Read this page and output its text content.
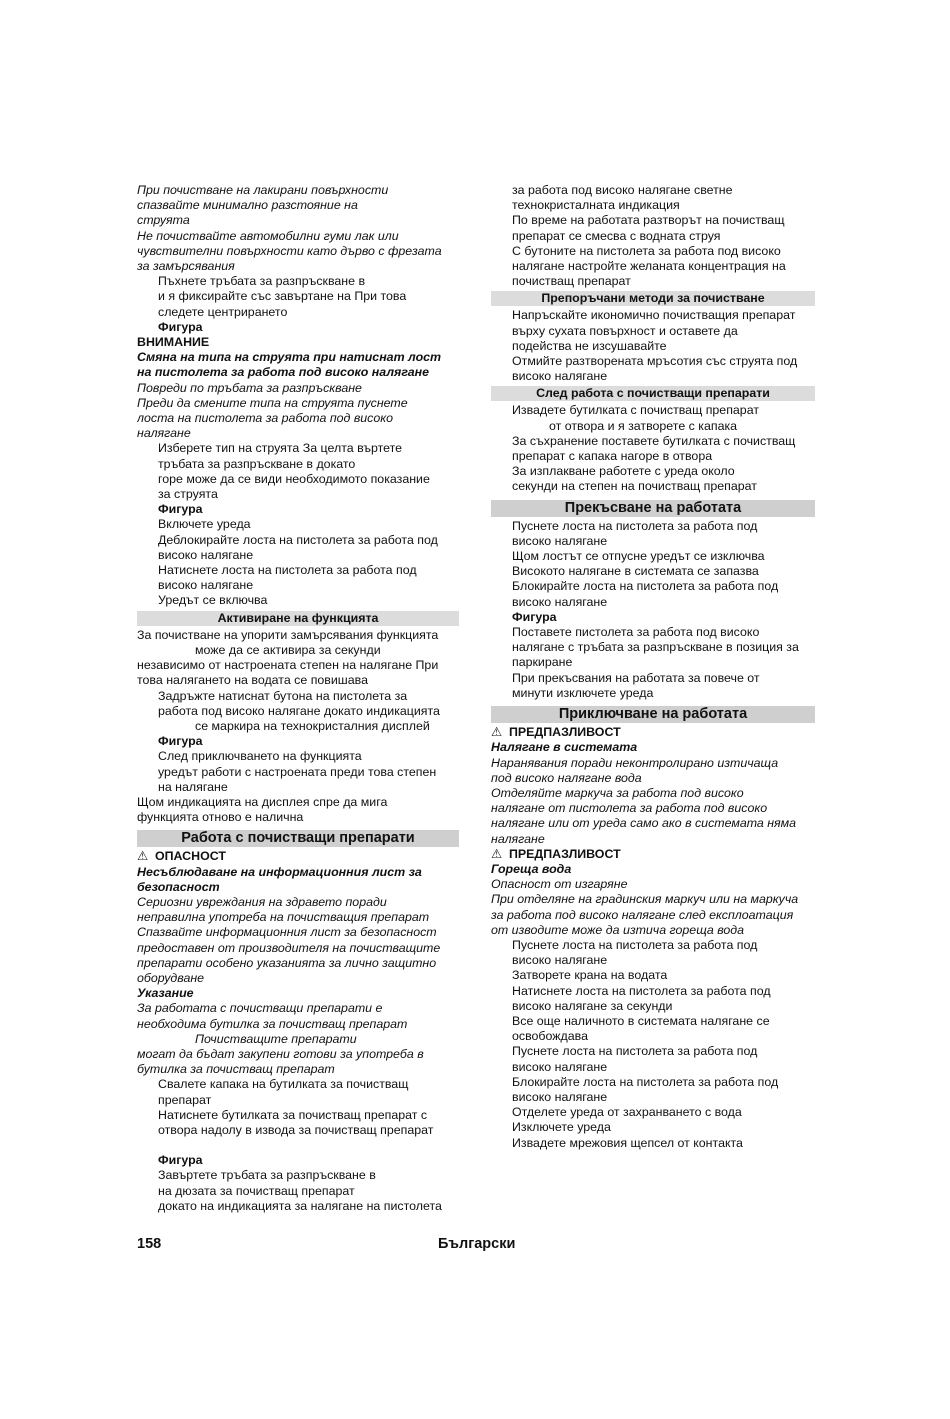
При почистване на лакирани повърхности
спазвайте минимално разстояние на
струята
Не почиствайте автомобилни гуми лак или
чувствителни повърхности като дърво с фрезата
за замърсявания
Пъхнете тръбата за разпръскване в
и я фиксирайте със завъртане на При това
следете центрирането
Фигура
ВНИМАНИЕ
Смяна на типа на струята при натиснат лост
на пистолета за работа под високо налягане
Повреди по тръбата за разпръскване
Преди да смените типа на струята пуснете
лоста на пистолета за работа под високо
налягане
Изберете тип на струята За целта въртете
тръбата за разпръскване в докато
горе може да се види необходимото показание
за струята
Фигура
Включете уреда
Деблокирайте лоста на пистолета за работа под
високо налягане
Натиснете лоста на пистолета за работа под
високо налягане
Уредът се включва
Активиране на функцията
За почистване на упорити замърсявания функцията
може да се активира за секунди
независимо от настроената степен на налягане При
това налягането на водата се повишава
Задръжте натиснат бутона на пистолета за
работа под високо налягане докато индикацията
се маркира на технокристалния дисплей
Фигура
След приключването на функцията
уредът работи с настроената преди това степен
на налягане
Щом индикацията на дисплея спре да мига
функцията отново е налична
Работа с почистващи препарати
⚠ ОПАСНОСТ
Несъблюдаване на информационния лист за
безопасност
Сериозни увреждания на здравето поради
неправилна употреба на почистващия препарат
Спазвайте информационния лист за безопасност
предоставен от производителя на почистващите
препарати особено указанията за лично защитно
оборудване
Указание
За работата с почистващи препарати е
необходима бутилка за почистващ препарат
Почистващите препарати
могат да бъдат закупени готови за употреба в
бутилка за почистващ препарат
Свалете капака на бутилката за почистващ
препарат
Натиснете бутилката за почистващ препарат с
отвора надолу в извода за почистващ препарат
Фигура
Завъртете тръбата за разпръскване в
на дюзата за почистващ препарат
докато на индикацията за налягане на пистолета
за работа под високо налягане светне
технокристалната индикация
По време на работата разтворът на почистващ
препарат се смесва с водната струя
С бутоните на пистолета за работа под високо
налягане настройте желаната концентрация на
почистващ препарат
Препоръчани методи за почистване
Напръскайте икономично почистващия препарат
върху сухата повърхност и оставете да
подейства не изсушавайте
Отмийте разтворената мръсотия със струята под
високо налягане
След работа с почистващи препарати
Извадете бутилката с почистващ препарат
от отвора и я затворете с капака
За съхранение поставете бутилката с почистващ
препарат с капака нагоре в отвора
За изплакване работете с уреда около
секунди на степен на почистващ препарат
Прекъсване на работата
Пуснете лоста на пистолета за работа под
високо налягане
Щом лостът се отпусне уредът се изключва
Високото налягане в системата се запазва
Блокирайте лоста на пистолета за работа под
високо налягане
Фигура
Поставете пистолета за работа под високо
налягане с тръбата за разпръскване в позиция за
паркиране
При прекъсвания на работата за повече от
минути изключете уреда
Приключване на работата
⚠ ПРЕДПАЗЛИВОСТ
Налягане в системата
Наранявания поради неконтролирано изтичаща
под високо налягане вода
Отделяйте маркуча за работа под високо
налягане от пистолета за работа под високо
налягане или от уреда само ако в системата няма
налягане
⚠ ПРЕДПАЗЛИВОСТ
Гореща вода
Опасност от изгаряне
При отделяне на градинския маркуч или на маркуча
за работа под високо налягане след експлоатация
от изводите може да изтича гореща вода
Пуснете лоста на пистолета за работа под
високо налягане
Затворете крана на водата
Натиснете лоста на пистолета за работа под
високо налягане за секунди
Все още наличното в системата налягане се
освобождава
Пуснете лоста на пистолета за работа под
високо налягане
Блокирайте лоста на пистолета за работа под
високо налягане
Отделете уреда от захранването с вода
Изключете уреда
Извадете мрежовия щепсел от контакта
158	Български
